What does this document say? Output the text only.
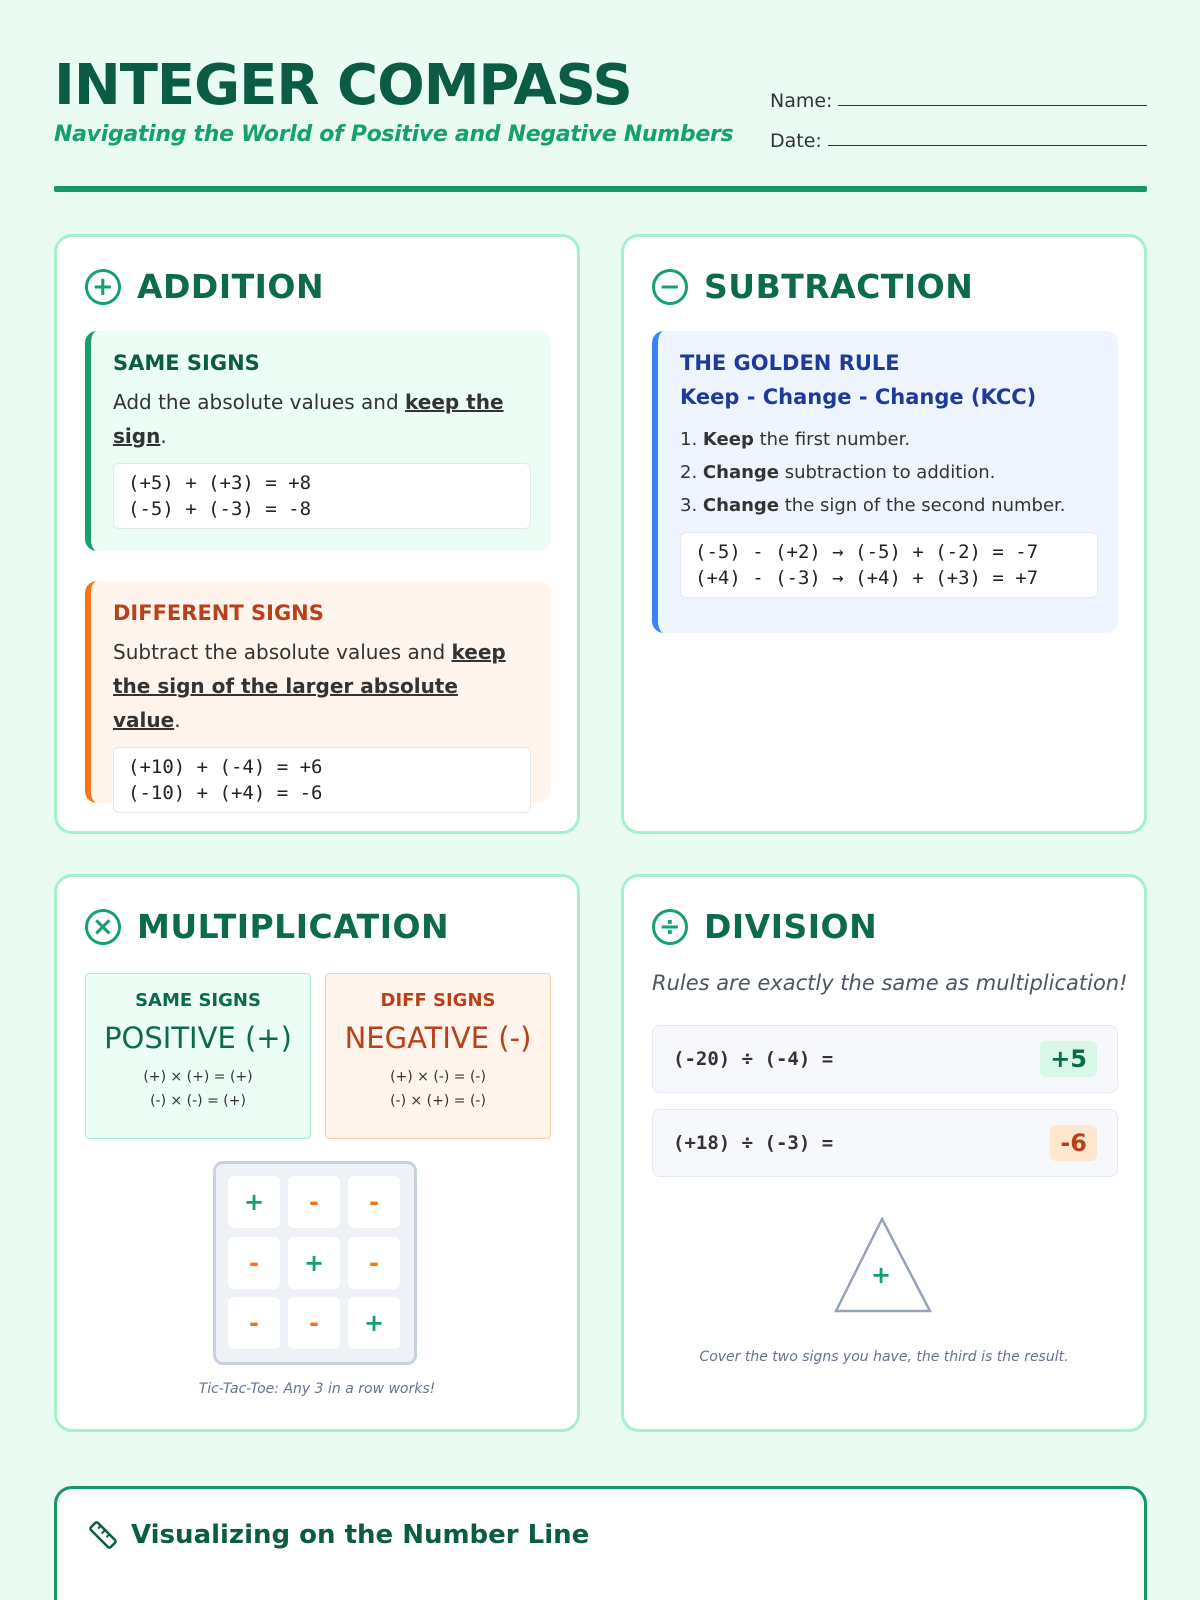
INTEGER COMPASS
Navigating the World of Positive and Negative Numbers
Name:
Date:
+ ADDITION
SAME SIGNS
Add the absolute values and keep the sign.
(+5) + (+3) = +8
(-5) + (-3) = -8
DIFFERENT SIGNS
Subtract the absolute values and keep the sign of the larger absolute value.
(+10) + (-4) = +6
(-10) + (+4) = -6
− SUBTRACTION
THE GOLDEN RULE
Keep - Change - Change (KCC)
1. Keep the first number.
2. Change subtraction to addition.
3. Change the sign of the second number.
(-5) - (+2) → (-5) + (-2) = -7
(+4) - (-3) → (+4) + (+3) = +7
× MULTIPLICATION
SAME SIGNS
POSITIVE (+)
(+) × (+) = (+)
(-) × (-) = (+)
DIFF SIGNS
NEGATIVE (-)
(+) × (-) = (-)
(-) × (+) = (-)
+	-	-
-	+	-
-	-	+
Tic-Tac-Toe: Any 3 in a row works!
÷ DIVISION
Rules are exactly the same as multiplication!
(-20) ÷ (-4) =	+5
(+18) ÷ (-3) =	-6
+
Cover the two signs you have, the third is the result.
Visualizing on the Number Line
